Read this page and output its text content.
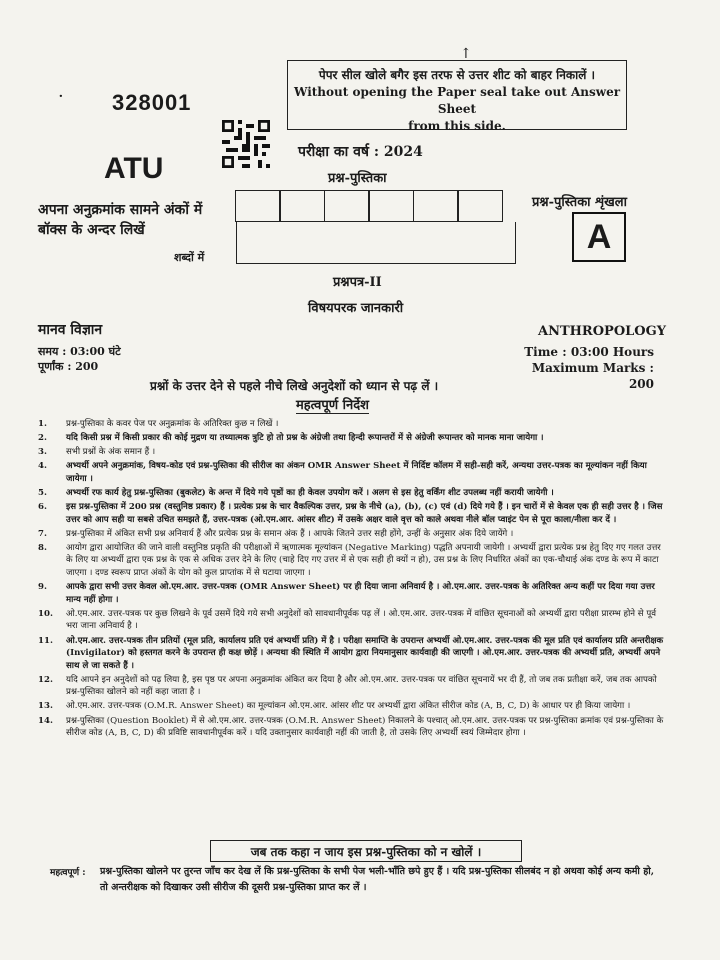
· 328001
↑
पेपर सील खोले बगैर इस तरफ से उत्तर शीट को बाहर निकालें ।
Without opening the Paper seal take out Answer Sheet
from this side.
परीक्षा का वर्ष : 2024
प्रश्न-पुस्तिका
ATU
अपना अनुक्रमांक सामने अंकों में
बॉक्स के अन्दर लिखें
शब्दों में
प्रश्न-पुस्तिका शृंखला
A
प्रश्नपत्र-II
विषयपरक जानकारी
मानव विज्ञान	ANTHROPOLOGY
समय : 03:00 घंटे
पूर्णांक : 200
Time : 03:00 Hours
Maximum Marks : 200
प्रश्नों के उत्तर देने से पहले नीचे लिखे अनुदेशों को ध्यान से पढ़ लें ।
महत्वपूर्ण निर्देश
1. प्रश्न-पुस्तिका के कवर पेज पर अनुक्रमांक के अतिरिक्त कुछ न लिखें ।
2. यदि किसी प्रश्न में किसी प्रकार की कोई मुद्रण या तथ्यात्मक त्रुटि हो तो प्रश्न के अंग्रेजी तथा हिन्दी रूपान्तरों में से अंग्रेजी रूपान्तर को मानक माना जायेगा ।
3. सभी प्रश्नों के अंक समान हैं ।
4. अभ्यर्थी अपने अनुक्रमांक, विषय-कोड एवं प्रश्न-पुस्तिका की सीरीज का अंकन OMR Answer Sheet में निर्दिष्ट कॉलम में सही-सही करें, अन्यथा उत्तर-पत्रक का मूल्यांकन नहीं किया जायेगा ।
5. अभ्यर्थी रफ कार्य हेतु प्रश्न-पुस्तिका (बुकलेट) के अन्त में दिये गये पृष्ठों का ही केवल उपयोग करें । अलग से इस हेतु वर्किंग शीट उपलब्ध नहीं करायी जायेगी ।
6. इस प्रश्न-पुस्तिका में 200 प्रश्न (वस्तुनिष्ठ प्रकार) हैं । प्रत्येक प्रश्न के चार वैकल्पिक उत्तर, प्रश्न के नीचे (a), (b), (c) एवं (d) दिये गये हैं । इन चारों में से केवल एक ही सही उत्तर है । जिस उत्तर को आप सही या सबसे उचित समझते हैं, उत्तर-पत्रक (ओ.एम.आर. आंसर शीट) में उसके अक्षर वाले वृत्त को काले अथवा नीले बॉल प्वाइंट पेन से पूरा काला/नीला कर दें ।
7. प्रश्न-पुस्तिका में अंकित सभी प्रश्न अनिवार्य हैं और प्रत्येक प्रश्न के समान अंक हैं । आपके जितने उत्तर सही होंगे, उन्हीं के अनुसार अंक दिये जायेंगे ।
8. आयोग द्वारा आयोजित की जाने वाली वस्तुनिष्ठ प्रकृति की परीक्षाओं में ऋणात्मक मूल्यांकन (Negative Marking) पद्धति अपनायी जायेगी । अभ्यर्थी द्वारा प्रत्येक प्रश्न हेतु दिए गए गलत उत्तर के लिए या अभ्यर्थी द्वारा एक प्रश्न के एक से अधिक उत्तर देने के लिए (चाहे दिए गए उत्तर में से एक सही ही क्यों न हो), उस प्रश्न के लिए निर्धारित अंकों का एक-चौथाई अंक दण्ड के रूप में काटा जाएगा । दण्ड स्वरूप प्राप्त अंकों के योग को कुल प्राप्तांक में से घटाया जाएगा ।
9. आपके द्वारा सभी उत्तर केवल ओ.एम.आर. उत्तर-पत्रक (OMR Answer Sheet) पर ही दिया जाना अनिवार्य है । ओ.एम.आर. उत्तर-पत्रक के अतिरिक्त अन्य कहीं पर दिया गया उत्तर मान्य नहीं होगा ।
10. ओ.एम.आर. उत्तर-पत्रक पर कुछ लिखने के पूर्व उसमें दिये गये सभी अनुदेशों को सावधानीपूर्वक पढ़ लें । ओ.एम.आर. उत्तर-पत्रक में वांछित सूचनाओं को अभ्यर्थी द्वारा परीक्षा प्रारम्भ होने से पूर्व भरा जाना अनिवार्य है ।
11. ओ.एम.आर. उत्तर-पत्रक तीन प्रतियों (मूल प्रति, कार्यालय प्रति एवं अभ्यर्थी प्रति) में है । परीक्षा समाप्ति के उपरान्त अभ्यर्थी ओ.एम.आर. उत्तर-पत्रक की मूल प्रति एवं कार्यालय प्रति अन्तरीक्षक (Invigilator) को हस्तगत करने के उपरान्त ही कक्ष छोड़ें । अन्यथा की स्थिति में आयोग द्वारा नियमानुसार कार्यवाही की जाएगी । ओ.एम.आर. उत्तर-पत्रक की अभ्यर्थी प्रति, अभ्यर्थी अपने साथ ले जा सकते हैं ।
12. यदि आपने इन अनुदेशों को पढ़ लिया है, इस पृष्ठ पर अपना अनुक्रमांक अंकित कर दिया है और ओ.एम.आर. उत्तर-पत्रक पर वांछित सूचनायें भर दी हैं, तो जब तक प्रतीक्षा करें, जब तक आपको प्रश्न-पुस्तिका खोलने को नहीं कहा जाता है ।
13. ओ.एम.आर. उत्तर-पत्रक (O.M.R. Answer Sheet) का मूल्यांकन ओ.एम.आर. आंसर शीट पर अभ्यर्थी द्वारा अंकित सीरीज कोड (A, B, C, D) के आधार पर ही किया जायेगा ।
14. प्रश्न-पुस्तिका (Question Booklet) में से ओ.एम.आर. उत्तर-पत्रक (O.M.R. Answer Sheet) निकालने के पश्चात् ओ.एम.आर. उत्तर-पत्रक पर प्रश्न-पुस्तिका क्रमांक एवं प्रश्न-पुस्तिका के सीरीज कोड (A, B, C, D) की प्रविष्टि सावधानीपूर्वक करें । यदि उक्तानुसार कार्यवाही नहीं की जाती है, तो उसके लिए अभ्यर्थी स्वयं जिम्मेदार होगा ।
जब तक कहा न जाय इस प्रश्न-पुस्तिका को न खोलें ।
महत्वपूर्ण : प्रश्न-पुस्तिका खोलने पर तुरन्त जाँच कर देख लें कि प्रश्न-पुस्तिका के सभी पेज भली-भाँति छपे हुए हैं । यदि प्रश्न-पुस्तिका सीलबंद न हो अथवा कोई अन्य कमी हो, तो अन्तरीक्षक को दिखाकर उसी सीरीज की दूसरी प्रश्न-पुस्तिका प्राप्त कर लें ।
